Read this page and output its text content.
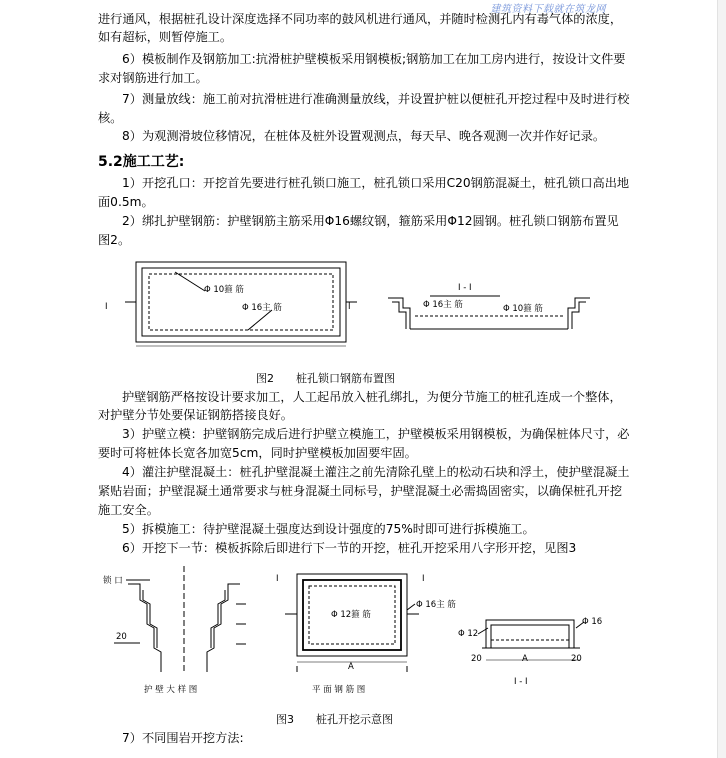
建筑资料下载就在筑龙网
进行通风，根据桩孔设计深度选择不同功率的鼓风机进行通风，并随时检测孔内有毒气体的浓度，
如有超标，则暂停施工。
6）模板制作及钢筋加工:抗滑桩护壁模板采用钢模板;钢筋加工在加工房内进行，按设计文件要
求对钢筋进行加工。
7）测量放线：施工前对抗滑桩进行准确测量放线，并设置护桩以便桩孔开挖过程中及时进行校
核。
8）为观测滑坡位移情况，在桩体及桩外设置观测点，每天早、晚各观测一次并作好记录。
5.2施工工艺:
1）开挖孔口：开挖首先要进行桩孔锁口施工，桩孔锁口采用C20钢筋混凝土，桩孔锁口高出地
面0.5m。
2）绑扎护壁钢筋：护壁钢筋主筋采用Φ16螺纹钢，箍筋采用Φ12圆钢。桩孔锁口钢筋布置见
图2。
Φ 10箍 筋
Φ 16主 筋
I	I
I - I
Φ 16主 筋	Φ 10箍 筋
图2　　桩孔锁口钢筋布置图
护壁钢筋严格按设计要求加工，人工起吊放入桩孔绑扎，为便分节施工的桩孔连成一个整体，
对护壁分节处要保证钢筋搭接良好。
3）护壁立模：护壁钢筋完成后进行护壁立模施工，护壁模板采用钢模板，为确保桩体尺寸，必
要时可将桩体长宽各加宽5cm，同时护壁模板加固要牢固。
4）灌注护壁混凝土：桩孔护壁混凝土灌注之前先清除孔壁上的松动石块和浮土，使护壁混凝土
紧贴岩面；护壁混凝土通常要求与桩身混凝土同标号，护壁混凝土必需捣固密实，以确保桩孔开挖
施工安全。
5）拆模施工：待护壁混凝土强度达到设计强度的75%时即可进行拆模施工。
6）开挖下一节：模板拆除后即进行下一节的开挖，桩孔开挖采用八字形开挖，见图3
锁 口
20
护 壁 大 样 图
Φ 12箍 筋
Φ 16主 筋
A
I	I
平 面 钢 筋 图
Φ 12
Φ 16
20	A	20
I - I
图3　　桩孔开挖示意图
7）不同围岩开挖方法:
